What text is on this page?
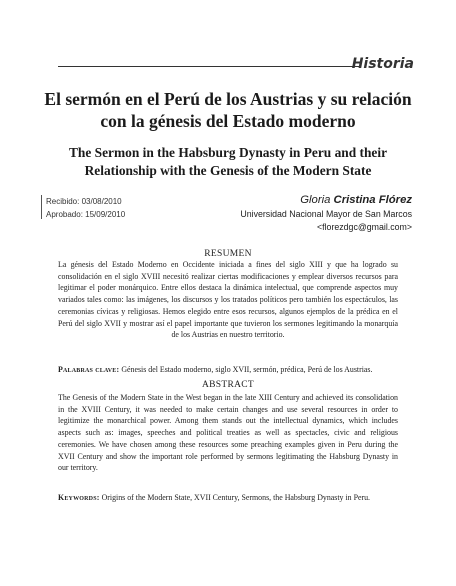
Historia
El sermón en el Perú de los Austrias y su relación con la génesis del Estado moderno
The Sermon in the Habsburg Dynasty in Peru and their Relationship with the Genesis of the Modern State
Recibido: 03/08/2010
Aprobado: 15/09/2010
Gloria Cristina Flórez
Universidad Nacional Mayor de San Marcos
<florezdgc@gmail.com>
RESUMEN

La génesis del Estado Moderno en Occidente iniciada a fines del siglo XIII y que ha logrado su consolidación en el siglo XVIII necesitó realizar ciertas modificaciones y emplear diversos recursos para legitimar el poder monárquico. Entre ellos destaca la dinámica intelectual, que comprende aspectos muy variados tales como: las imágenes, los discursos y los tratados políticos pero también los espectáculos, las ceremonias cívicas y religiosas. Hemos elegido entre esos recursos, algunos ejemplos de la prédica en el Perú del siglo XVII y mostrar así el papel importante que tuvieron los sermones legitimando la monarquía de los Austrias en nuestro territorio.

Palabras clave: Génesis del Estado moderno, siglo XVII, sermón, prédica, Perú de los Austrias.

ABSTRACT

The Genesis of the Modern State in the West began in the late XIII Century and achieved its consolidation in the XVIII Century, it was needed to make certain changes and use several resources in order to legitimize the monarchical power. Among them stands out the intellectual dynamics, which includes aspects such as: images, speeches and political treaties as well as spectacles, civic and religious ceremonies. We have chosen among these resources some preaching examples given in Peru during the XVII Century and show the important role performed by sermons legitimating the Habsburg Dynasty in our territory.

Keywords: Origins of the Modern State, XVII Century, Sermons, the Habsburg Dynasty in Peru.
